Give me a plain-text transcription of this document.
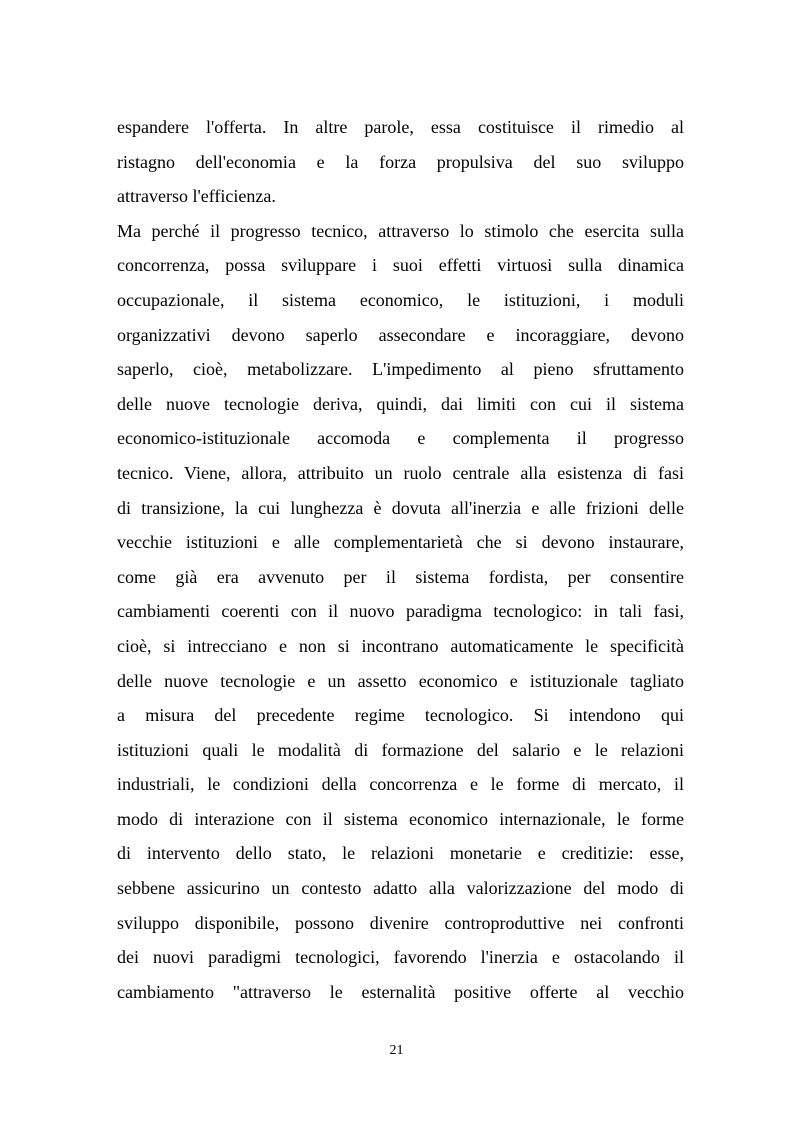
espandere l'offerta. In altre parole, essa costituisce il rimedio al
ristagno dell'economia e la forza propulsiva del suo sviluppo
attraverso l'efficienza.
Ma perché il progresso tecnico, attraverso lo stimolo che esercita sulla
concorrenza, possa sviluppare i suoi effetti virtuosi sulla dinamica
occupazionale, il sistema economico, le istituzioni, i moduli
organizzativi devono saperlo assecondare e incoraggiare, devono
saperlo, cioè, metabolizzare. L'impedimento al pieno sfruttamento
delle nuove tecnologie deriva, quindi, dai limiti con cui il sistema
economico-istituzionale accomoda e complementa il progresso
tecnico. Viene, allora, attribuito un ruolo centrale alla esistenza di fasi
di transizione, la cui lunghezza è dovuta all'inerzia e alle frizioni delle
vecchie istituzioni e alle complementarietà che si devono instaurare,
come già era avvenuto per il sistema fordista, per consentire
cambiamenti coerenti con il nuovo paradigma tecnologico: in tali fasi,
cioè, si intrecciano e non si incontrano automaticamente le specificità
delle nuove tecnologie e un assetto economico e istituzionale tagliato
a misura del precedente regime tecnologico. Si intendono qui
istituzioni quali le modalità di formazione del salario e le relazioni
industriali, le condizioni della concorrenza e le forme di mercato, il
modo di interazione con il sistema economico internazionale, le forme
di intervento dello stato, le relazioni monetarie e creditizie: esse,
sebbene assicurino un contesto adatto alla valorizzazione del modo di
sviluppo disponibile, possono divenire controproduttive nei confronti
dei nuovi paradigmi tecnologici, favorendo l'inerzia e ostacolando il
cambiamento "attraverso le esternalità positive offerte al vecchio
21
